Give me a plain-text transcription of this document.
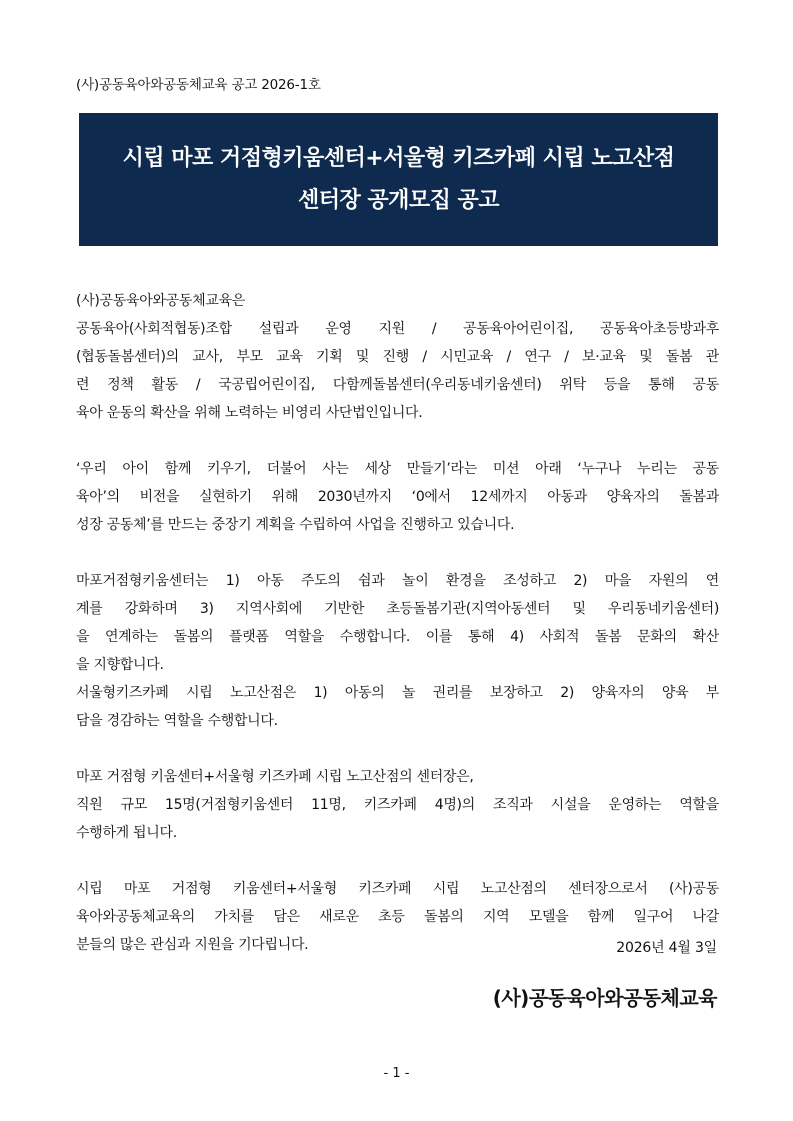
(사)공동육아와공동체교육 공고 2026-1호
시립 마포 거점형키움센터+서울형 키즈카페 시립 노고산점
센터장 공개모집 공고
(사)공동육아와공동체교육은
공동육아(사회적협동)조합 설립과 운영 지원 / 공동육아어린이집, 공동육아초등방과후
(협동돌봄센터)의 교사, 부모 교육 기획 및 진행 / 시민교육 / 연구 / 보·교육 및 돌봄 관
련 정책 활동 / 국공립어린이집, 다함께돌봄센터(우리동네키움센터) 위탁 등을 통해 공동
육아 운동의 확산을 위해 노력하는 비영리 사단법인입니다.
‘우리 아이 함께 키우기, 더불어 사는 세상 만들기’라는 미션 아래 ‘누구나 누리는 공동
육아’의 비전을 실현하기 위해 2030년까지 ‘0에서 12세까지 아동과 양육자의 돌봄과
성장 공동체’를 만드는 중장기 계획을 수립하여 사업을 진행하고 있습니다.
마포거점형키움센터는 1) 아동 주도의 쉼과 놀이 환경을 조성하고 2) 마을 자원의 연
계를 강화하며 3) 지역사회에 기반한 초등돌봄기관(지역아동센터 및 우리동네키움센터)
을 연계하는 돌봄의 플랫폼 역할을 수행합니다. 이를 통해 4) 사회적 돌봄 문화의 확산
을 지향합니다.
서울형키즈카페 시립 노고산점은 1) 아동의 놀 권리를 보장하고 2) 양육자의 양육 부
담을 경감하는 역할을 수행합니다.
마포 거점형 키움센터+서울형 키즈카페 시립 노고산점의 센터장은,
직원 규모 15명(거점형키움센터 11명, 키즈카페 4명)의 조직과 시설을 운영하는 역할을
수행하게 됩니다.
시립 마포 거점형 키움센터+서울형 키즈카페 시립 노고산점의 센터장으로서 (사)공동
육아와공동체교육의 가치를 담은 새로운 초등 돌봄의 지역 모델을 함께 일구어 나갈
분들의 많은 관심과 지원을 기다립니다.	2026년 4월 3일
(사)공동육아와공동체교육
- 1 -
